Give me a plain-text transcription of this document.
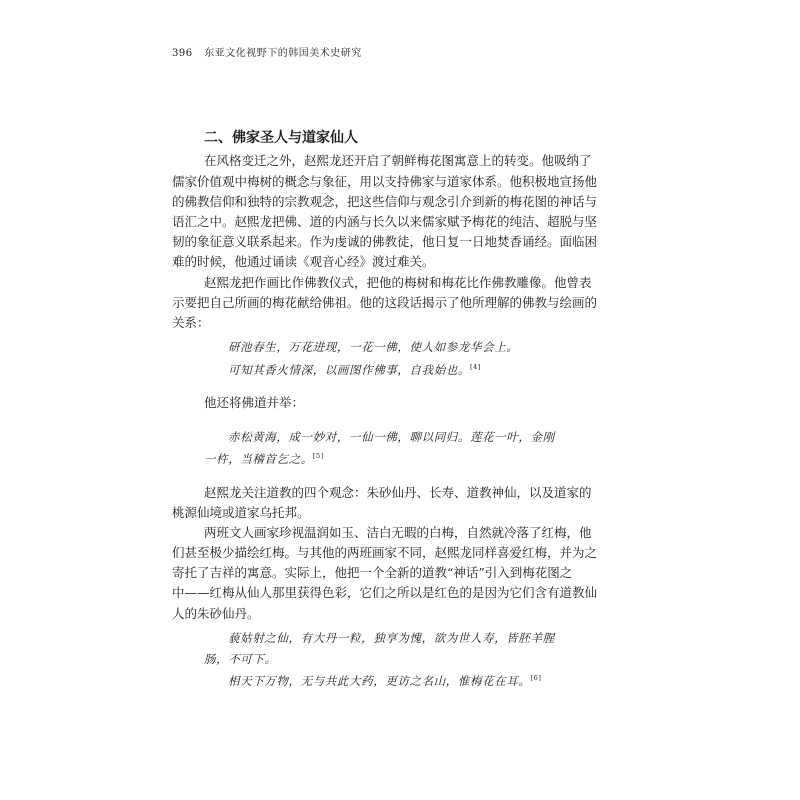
396 东亚文化视野下的韩国美术史研究
二、佛家圣人与道家仙人
在风格变迁之外，赵熙龙还开启了朝鲜梅花图寓意上的转变。他吸纳了
儒家价值观中梅树的概念与象征，用以支持佛家与道家体系。他积极地宣扬他
的佛教信仰和独特的宗教观念，把这些信仰与观念引介到新的梅花图的神话与
语汇之中。赵熙龙把佛、道的内涵与长久以来儒家赋予梅花的纯洁、超脱与坚
韧的象征意义联系起来。作为虔诚的佛教徒，他日复一日地焚香诵经。面临困
难的时候，他通过诵读《观音心经》渡过难关。
赵熙龙把作画比作佛教仪式，把他的梅树和梅花比作佛教雕像。他曾表
示要把自己所画的梅花献给佛祖。他的这段话揭示了他所理解的佛教与绘画的
关系：
研池春生，万花进现，一花一佛，使人如参龙华会上。
可知其香火情深，以画图作佛事，自我始也。[4]
他还将佛道并举：
赤松黄海，成一妙对，一仙一佛，聊以同归。莲花一叶，金刚
一杵，当稽首乞之。[5]
赵熙龙关注道教的四个观念：朱砂仙丹、长寿、道教神仙，以及道家的
桃源仙境或道家乌托邦。
两班文人画家珍视温润如玉、洁白无暇的白梅，自然就冷落了红梅，他
们甚至极少描绘红梅。与其他的两班画家不同，赵熙龙同样喜爱红梅，并为之
寄托了吉祥的寓意。实际上，他把一个全新的道教“神话”引入到梅花图之
中——红梅从仙人那里获得色彩，它们之所以是红色的是因为它们含有道教仙
人的朱砂仙丹。
藐姑射之仙，有大丹一粒，独享为愧，欲为世人寿，皆胚羊腥
肠，不可下。
相天下万物，无与共此大药，更访之名山，惟梅花在耳。[6]
